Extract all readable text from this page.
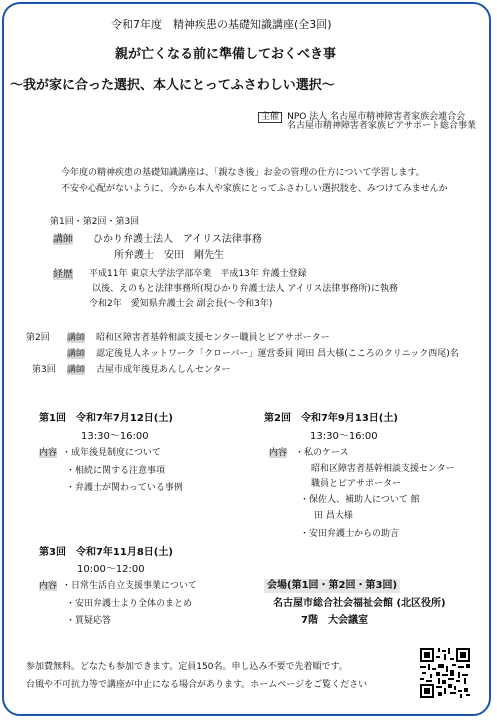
令和7年度　精神疾患の基礎知識講座(全3回)
親が亡くなる前に準備しておくべき事
〜我が家に合った選択、本人にとってふさわしい選択〜
主催 NPO 法人 名古屋市精神障害者家族会連合会
名古屋市精神障害者家族ピアサポート総合事業
今年度の精神疾患の基礎知識講座は、「親なき後」お金の管理の仕方について学習します。
不安や心配がないように、今から本人や家族にとってふさわしい選択肢を、みつけてみませんか
第1回・第2回・第3回
講師 ひかり弁護士法人　アイリス法律事務
所弁護士　安田　剛先生
経歴 平成11年 東京大学法学部卒業　平成13年 弁護士登録
以後、えのもと法律事務所(現ひかり弁護士法人 アイリス法律事務所)に執務
令和2年　愛知県弁護士会 副会長(〜令和3年)
第2回 講師 昭和区障害者基幹相談支援センター職員とピアサポーター
講師 認定後見人ネットワーク「クローバー」運営委員 岡田 昌大様(こころのクリニック西尾)名
第3回 講師 古屋市成年後見あんしんセンター
第1回　令和7年7月12日(土)
13:30〜16:00
内容 ・成年後見制度について
・相続に関する注意事項
・弁護士が関わっている事例
第2回　令和7年9月13日(土)
13:30〜16:00
内容 ・私のケース
昭和区障害者基幹相談支援センター
職員とピアサポーター
・保佐人、補助人について 館
田 昌大様
・安田弁護士からの助言
第3回　令和7年11月8日(土)
10:00〜12:00
内容 ・日常生活自立支援事業について
・安田弁護士より全体のまとめ
・質疑応答
会場(第1回・第2回・第3回)
名古屋市総合社会福祉会館 (北区役所)
7階　大会議室
参加費無料。どなたも参加できます。定員150名。申し込み不要で先着順です。
台風や不可抗力等で講座が中止になる場合があります。ホームページをご覧ください
